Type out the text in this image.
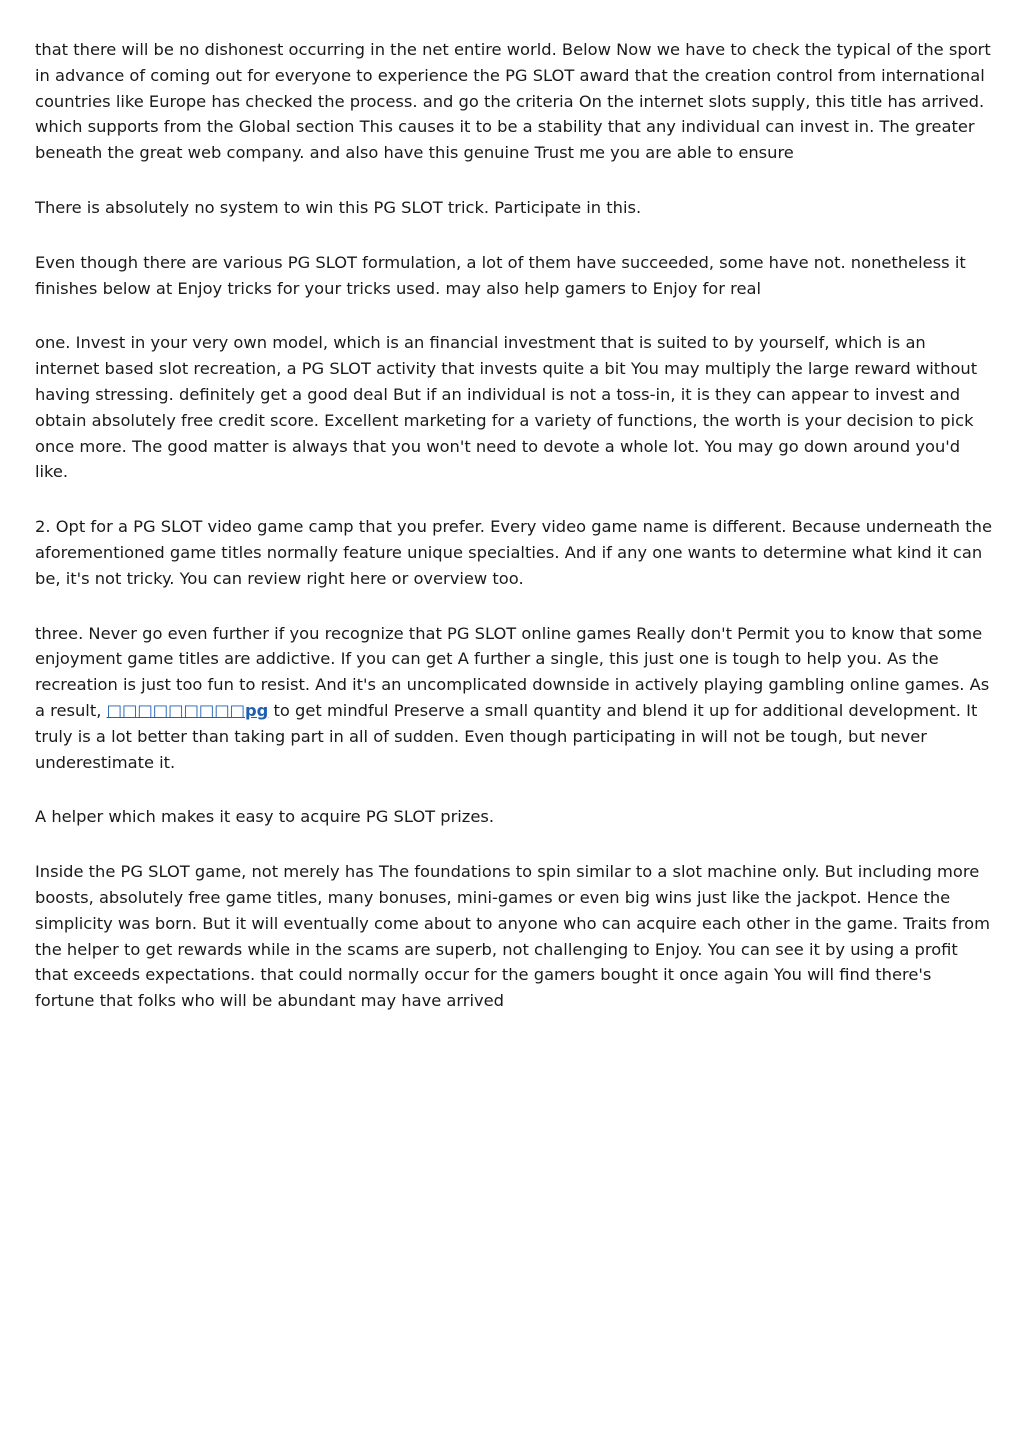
that there will be no dishonest occurring in the net entire world. Below Now we have to check the typical of the sport in advance of coming out for everyone to experience the PG SLOT award that the creation control from international countries like Europe has checked the process. and go the criteria On the internet slots supply, this title has arrived. which supports from the Global section This causes it to be a stability that any individual can invest in. The greater beneath the great web company. and also have this genuine Trust me you are able to ensure

There is absolutely no system to win this PG SLOT trick. Participate in this.

Even though there are various PG SLOT formulation, a lot of them have succeeded, some have not. nonetheless it finishes below at Enjoy tricks for your tricks used. may also help gamers to Enjoy for real

one. Invest in your very own model, which is an financial investment that is suited to by yourself, which is an internet based slot recreation, a PG SLOT activity that invests quite a bit You may multiply the large reward without having stressing. definitely get a good deal But if an individual is not a toss-in, it is they can appear to invest and obtain absolutely free credit score. Excellent marketing for a variety of functions, the worth is your decision to pick once more. The good matter is always that you won't need to devote a whole lot. You may go down around you'd like.

2. Opt for a PG SLOT video game camp that you prefer. Every video game name is different. Because underneath the aforementioned game titles normally feature unique specialties. And if any one wants to determine what kind it can be, it's not tricky. You can review right here or overview too.

three. Never go even further if you recognize that PG SLOT online games Really don't Permit you to know that some enjoyment game titles are addictive. If you can get A further a single, this just one is tough to help you. As the recreation is just too fun to resist. And it's an uncomplicated downside in actively playing gambling online games. As a result, □□□□□□□□□pg to get mindful Preserve a small quantity and blend it up for additional development. It truly is a lot better than taking part in all of sudden. Even though participating in will not be tough, but never underestimate it.

A helper which makes it easy to acquire PG SLOT prizes.

Inside the PG SLOT game, not merely has The foundations to spin similar to a slot machine only. But including more boosts, absolutely free game titles, many bonuses, mini-games or even big wins just like the jackpot. Hence the simplicity was born. But it will eventually come about to anyone who can acquire each other in the game. Traits from the helper to get rewards while in the scams are superb, not challenging to Enjoy. You can see it by using a profit that exceeds expectations. that could normally occur for the gamers bought it once again You will find there's fortune that folks who will be abundant may have arrived
